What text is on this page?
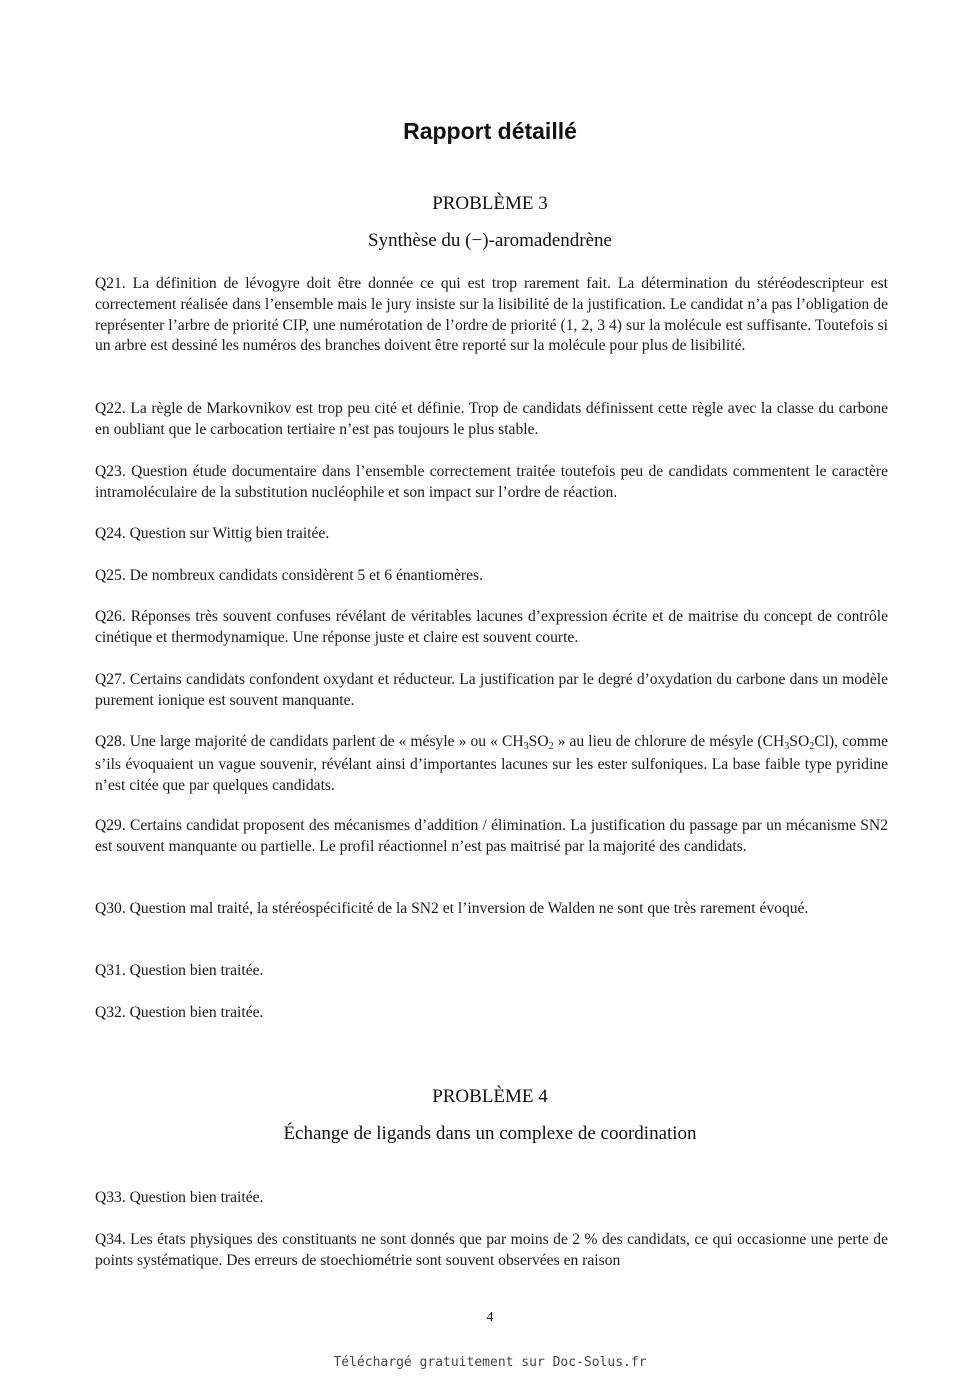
Rapport détaillé
PROBLÈME 3
Synthèse du (−)-aromadendrène

Q21. La définition de lévogyre doit être donnée ce qui est trop rarement fait. La détermination du stéréodescripteur est correctement réalisée dans l’ensemble mais le jury insiste sur la lisibilité de la justification. Le candidat n’a pas l’obligation de représenter l’arbre de priorité CIP, une numérotation de l’ordre de priorité (1, 2, 3 4) sur la molécule est suffisante. Toutefois si un arbre est dessiné les numéros des branches doivent être reporté sur la molécule pour plus de lisibilité.

Q22. La règle de Markovnikov est trop peu cité et définie. Trop de candidats définissent cette règle avec la classe du carbone en oubliant que le carbocation tertiaire n’est pas toujours le plus stable.

Q23. Question étude documentaire dans l’ensemble correctement traitée toutefois peu de candidats commentent le caractère intramoléculaire de la substitution nucléophile et son impact sur l’ordre de réaction.

Q24. Question sur Wittig bien traitée.

Q25. De nombreux candidats considèrent 5 et 6 énantiomères.

Q26. Réponses très souvent confuses révélant de véritables lacunes d’expression écrite et de maitrise du concept de contrôle cinétique et thermodynamique. Une réponse juste et claire est souvent courte.

Q27. Certains candidats confondent oxydant et réducteur. La justification par le degré d’oxydation du carbone dans un modèle purement ionique est souvent manquante.

Q28. Une large majorité de candidats parlent de « mésyle » ou « $CH_3SO_2$ » au lieu de chlorure de mésyle $(CH_3SO_2Cl)$, comme s’ils évoquaient un vague souvenir, révélant ainsi d’importantes lacunes sur les ester sulfoniques. La base faible type pyridine n’est citée que par quelques candidats.

Q29. Certains candidat proposent des mécanismes d’addition / élimination. La justification du passage par un mécanisme SN2 est souvent manquante ou partielle. Le profil réactionnel n’est pas maitrisé par la majorité des candidats.

Q30. Question mal traité, la stéréospécificité de la SN2 et l’inversion de Walden ne sont que très rarement évoqué.

Q31. Question bien traitée.

Q32. Question bien traitée.

PROBLÈME 4
Échange de ligands dans un complexe de coordination

Q33. Question bien traitée.

Q34. Les états physiques des constituants ne sont donnés que par moins de 2 % des candidats, ce qui occasionne une perte de points systématique. Des erreurs de stoechiométrie sont souvent observées en raison

4
Téléchargé gratuitement sur Doc-Solus.fr
